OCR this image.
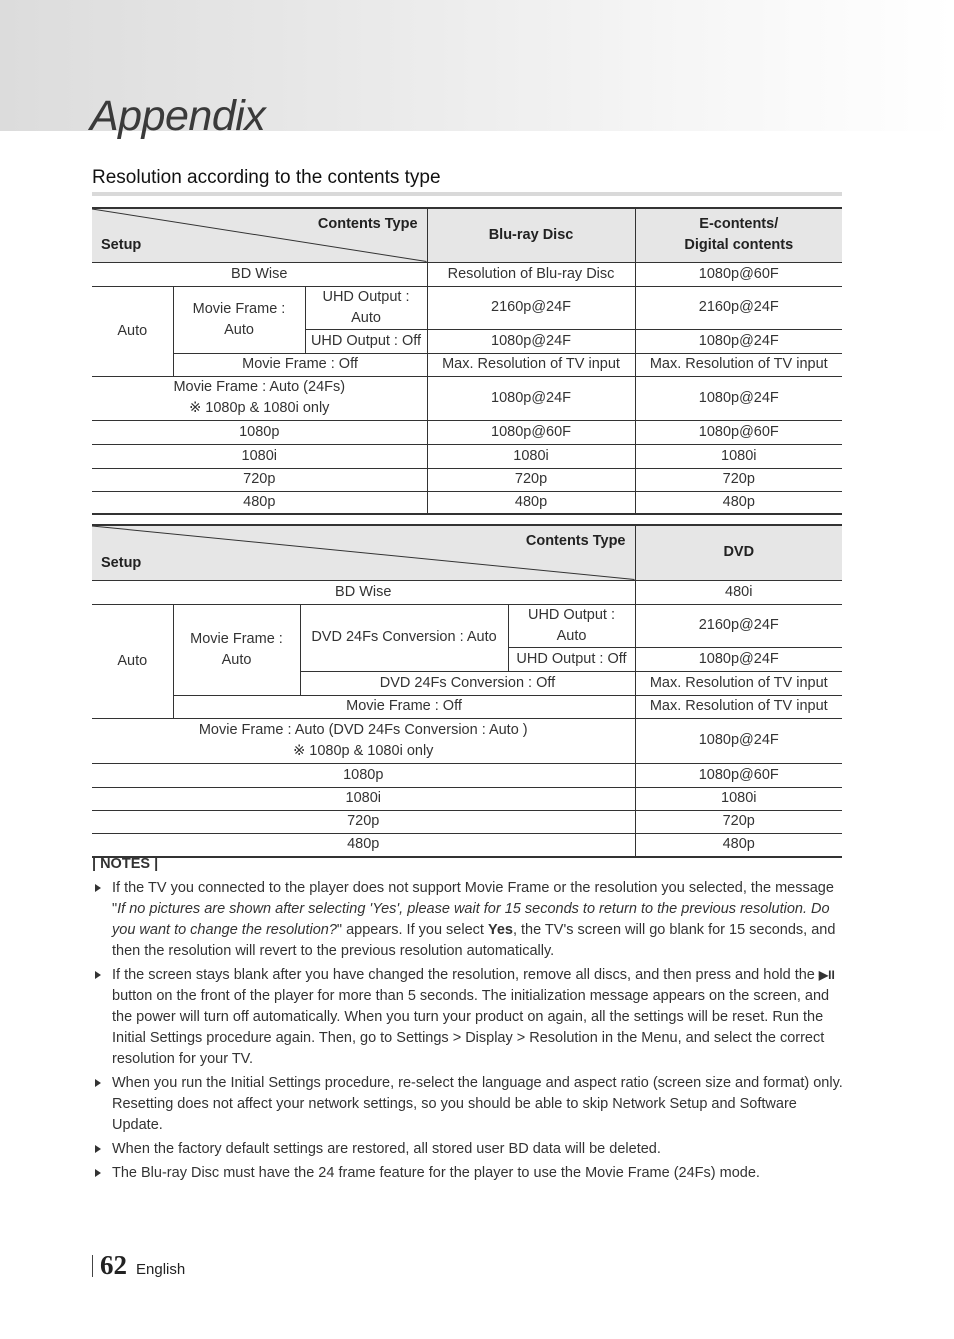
Appendix
Resolution according to the contents type
Contents Type
Setup			Blu-ray Disc	E-contents/
Digital contents

BD Wise			Resolution of Blu-ray Disc	1080p@60F
Auto	Movie Frame : Auto	UHD Output : Auto	2160p@24F	2160p@24F
		UHD Output : Off	1080p@24F	1080p@24F
	Movie Frame : Off		Max. Resolution of TV input	Max. Resolution of TV input

Movie Frame : Auto (24Fs)
※ 1080p & 1080i only			1080p@24F	1080p@24F
1080p			1080p@60F	1080p@60F
1080i			1080i	1080i
720p			720p	720p
480p			480p	480p
Contents Type
Setup				DVD
BD Wise				480i
Auto	Movie Frame : Auto	DVD 24Fs Conversion : Auto	UHD Output : Auto	2160p@24F
			UHD Output : Off	1080p@24F
		DVD 24Fs Conversion : Off		Max. Resolution of TV input
	Movie Frame : Off			Max. Resolution of TV input

Movie Frame : Auto (DVD 24Fs Conversion : Auto )
※ 1080p & 1080i only				1080p@24F
1080p				1080p@60F
1080i				1080i
720p				720p
480p				480p
| NOTES |
If the TV you connected to the player does not support Movie Frame or the resolution you selected, the message "If no pictures are shown after selecting 'Yes', please wait for 15 seconds to return to the previous resolution. Do you want to change the resolution?" appears. If you select Yes, the TV's screen will go blank for 15 seconds, and then the resolution will revert to the previous resolution automatically.
If the screen stays blank after you have changed the resolution, remove all discs, and then press and hold the ▶II button on the front of the player for more than 5 seconds. The initialization message appears on the screen, and the power will turn off automatically. When you turn your product on again, all the settings will be reset. Run the Initial Settings procedure again. Then, go to Settings > Display > Resolution in the Menu, and select the correct resolution for your TV.
When you run the Initial Settings procedure, re-select the language and aspect ratio (screen size and format) only. Resetting does not affect your network settings, so you should be able to skip Network Setup and Software Update.
When the factory default settings are restored, all stored user BD data will be deleted.
The Blu-ray Disc must have the 24 frame feature for the player to use the Movie Frame (24Fs) mode.
62 English
